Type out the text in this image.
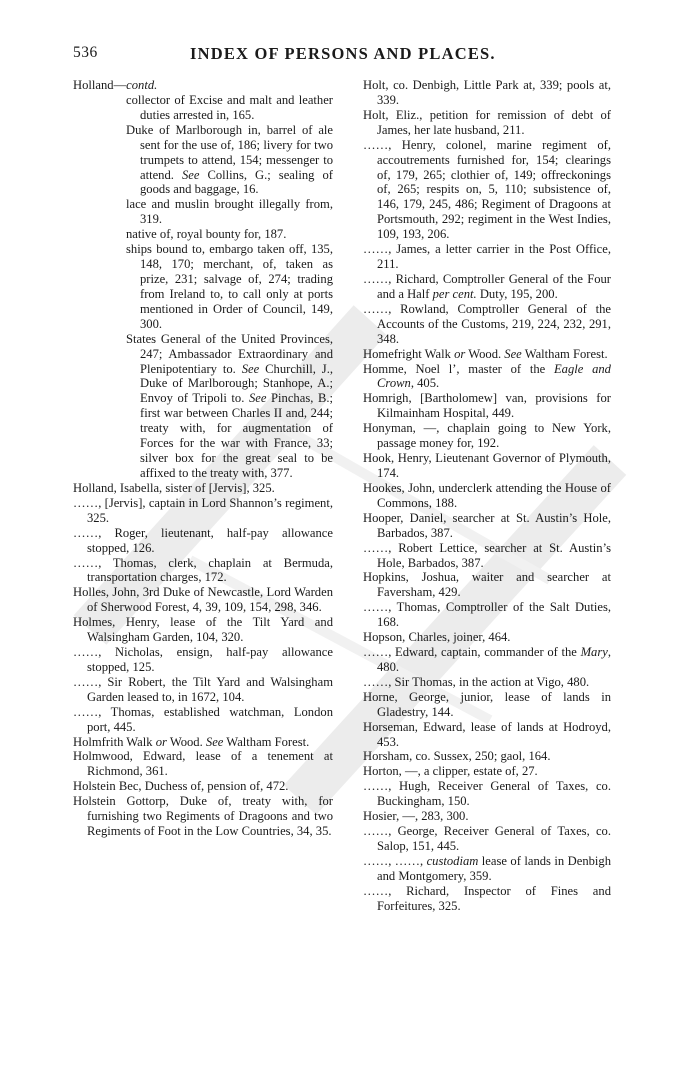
536	INDEX OF PERSONS AND PLACES.

Holland—contd.

collector of Excise and malt and leather duties arrested in, 165.

Duke of Marlborough in, barrel of ale sent for the use of, 186; livery for two trumpets to attend, 154; messenger to attend. See Collins, G.; sealing of goods and baggage, 16.

lace and muslin brought illegally from, 319.

native of, royal bounty for, 187.

ships bound to, embargo taken off, 135, 148, 170; merchant, of, taken as prize, 231; salvage of, 274; trading from Ireland to, to call only at ports mentioned in Order of Council, 149, 300.

States General of the United Provinces, 247; Ambassador Extraordinary and Plenipotentiary to. See Churchill, J., Duke of Marlborough; Stanhope, A.; Envoy of Tripoli to. See Pinchas, B.; first war between Charles II and, 244; treaty with, for augmentation of Forces for the war with France, 33; silver box for the great seal to be affixed to the treaty with, 377.

Holland, Isabella, sister of [Jervis], 325.

……, [Jervis], captain in Lord Shannon’s regiment, 325.

……, Roger, lieutenant, half-pay allowance stopped, 126.

……, Thomas, clerk, chaplain at Bermuda, transportation charges, 172.

Holles, John, 3rd Duke of Newcastle, Lord Warden of Sherwood Forest, 4, 39, 109, 154, 298, 346.

Holmes, Henry, lease of the Tilt Yard and Walsingham Garden, 104, 320.

……, Nicholas, ensign, half-pay allowance stopped, 125.

……, Sir Robert, the Tilt Yard and Walsingham Garden leased to, in 1672, 104.

……, Thomas, established watchman, London port, 445.

Holmfrith Walk or Wood. See Waltham Forest.

Holmwood, Edward, lease of a tenement at Richmond, 361.

Holstein Bec, Duchess of, pension of, 472.

Holstein Gottorp, Duke of, treaty with, for furnishing two Regiments of Dragoons and two Regiments of Foot in the Low Countries, 34, 35.

Holt, co. Denbigh, Little Park at, 339; pools at, 339.

Holt, Eliz., petition for remission of debt of James, her late husband, 211.

……, Henry, colonel, marine regiment of, accoutrements furnished for, 154; clearings of, 179, 265; clothier of, 149; offreckonings of, 265; respits on, 5, 110; subsistence of, 146, 179, 245, 486; Regiment of Dragoons at Portsmouth, 292; regiment in the West Indies, 109, 193, 206.

……, James, a letter carrier in the Post Office, 211.

……, Richard, Comptroller General of the Four and a Half per cent. Duty, 195, 200.

……, Rowland, Comptroller General of the Accounts of the Customs, 219, 224, 232, 291, 348.

Homefright Walk or Wood. See Waltham Forest.

Homme, Noel l’, master of the Eagle and Crown, 405.

Homrigh, [Bartholomew] van, provisions for Kilmainham Hospital, 449.

Honyman, —, chaplain going to New York, passage money for, 192.

Hook, Henry, Lieutenant Governor of Plymouth, 174.

Hookes, John, underclerk attending the House of Commons, 188.

Hooper, Daniel, searcher at St. Austin’s Hole, Barbados, 387.

……, Robert Lettice, searcher at St. Austin’s Hole, Barbados, 387.

Hopkins, Joshua, waiter and searcher at Faversham, 429.

……, Thomas, Comptroller of the Salt Duties, 168.

Hopson, Charles, joiner, 464.

……, Edward, captain, commander of the Mary, 480.

……, Sir Thomas, in the action at Vigo, 480.

Horne, George, junior, lease of lands in Gladestry, 144.

Horseman, Edward, lease of lands at Hodroyd, 453.

Horsham, co. Sussex, 250; gaol, 164.

Horton, —, a clipper, estate of, 27.

……, Hugh, Receiver General of Taxes, co. Buckingham, 150.

Hosier, —, 283, 300.

……, George, Receiver General of Taxes, co. Salop, 151, 445.

……, ……, custodiam lease of lands in Denbigh and Montgomery, 359.

……, Richard, Inspector of Fines and Forfeitures, 325.
